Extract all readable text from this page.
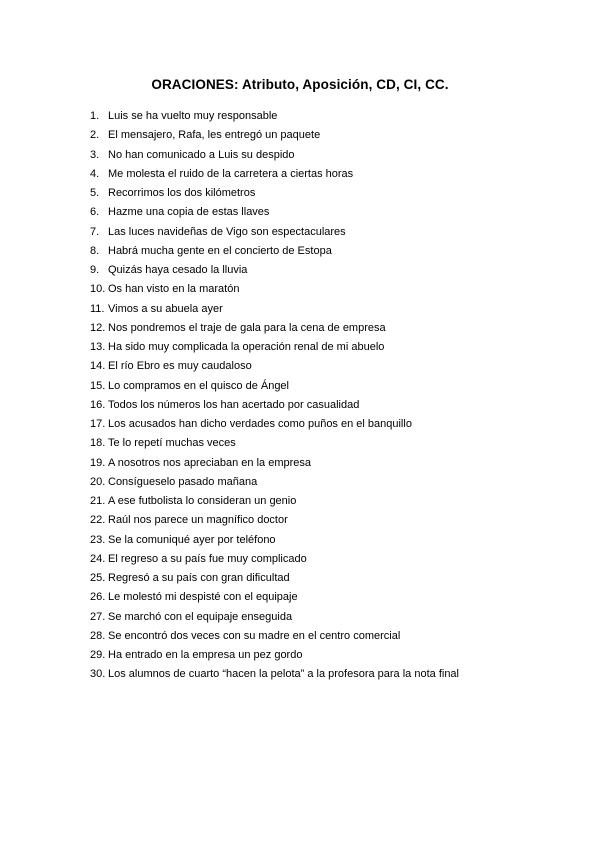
ORACIONES: Atributo, Aposición, CD, CI, CC.
1. Luis se ha vuelto muy responsable
2. El mensajero, Rafa, les entregó un paquete
3. No han comunicado a Luis su despido
4. Me molesta el ruido de la carretera a ciertas horas
5. Recorrimos los dos kilómetros
6. Hazme una copia de estas llaves
7. Las luces navideñas de Vigo son espectaculares
8. Habrá mucha gente en el concierto de Estopa
9. Quizás haya cesado la lluvia
10. Os han visto en la maratón
11. Vimos a su abuela ayer
12. Nos pondremos el traje de gala para la cena de empresa
13. Ha sido muy complicada la operación renal de mi abuelo
14. El río Ebro es muy caudaloso
15. Lo compramos en el quisco de Ángel
16. Todos los números los han acertado por casualidad
17. Los acusados han dicho verdades como puños en el banquillo
18. Te lo repetí muchas veces
19. A nosotros nos apreciaban en la empresa
20. Consígueselo pasado mañana
21. A ese futbolista lo consideran un genio
22. Raúl nos parece un magnífico doctor
23. Se la comuniqué ayer por teléfono
24. El regreso a su país fue muy complicado
25. Regresó a su país con gran dificultad
26. Le molestó mi despisté con el equipaje
27. Se marchó con el equipaje enseguida
28. Se encontró dos veces con su madre en el centro comercial
29. Ha entrado en la empresa un pez gordo
30. Los alumnos de cuarto “hacen la pelota” a la profesora para la nota final
